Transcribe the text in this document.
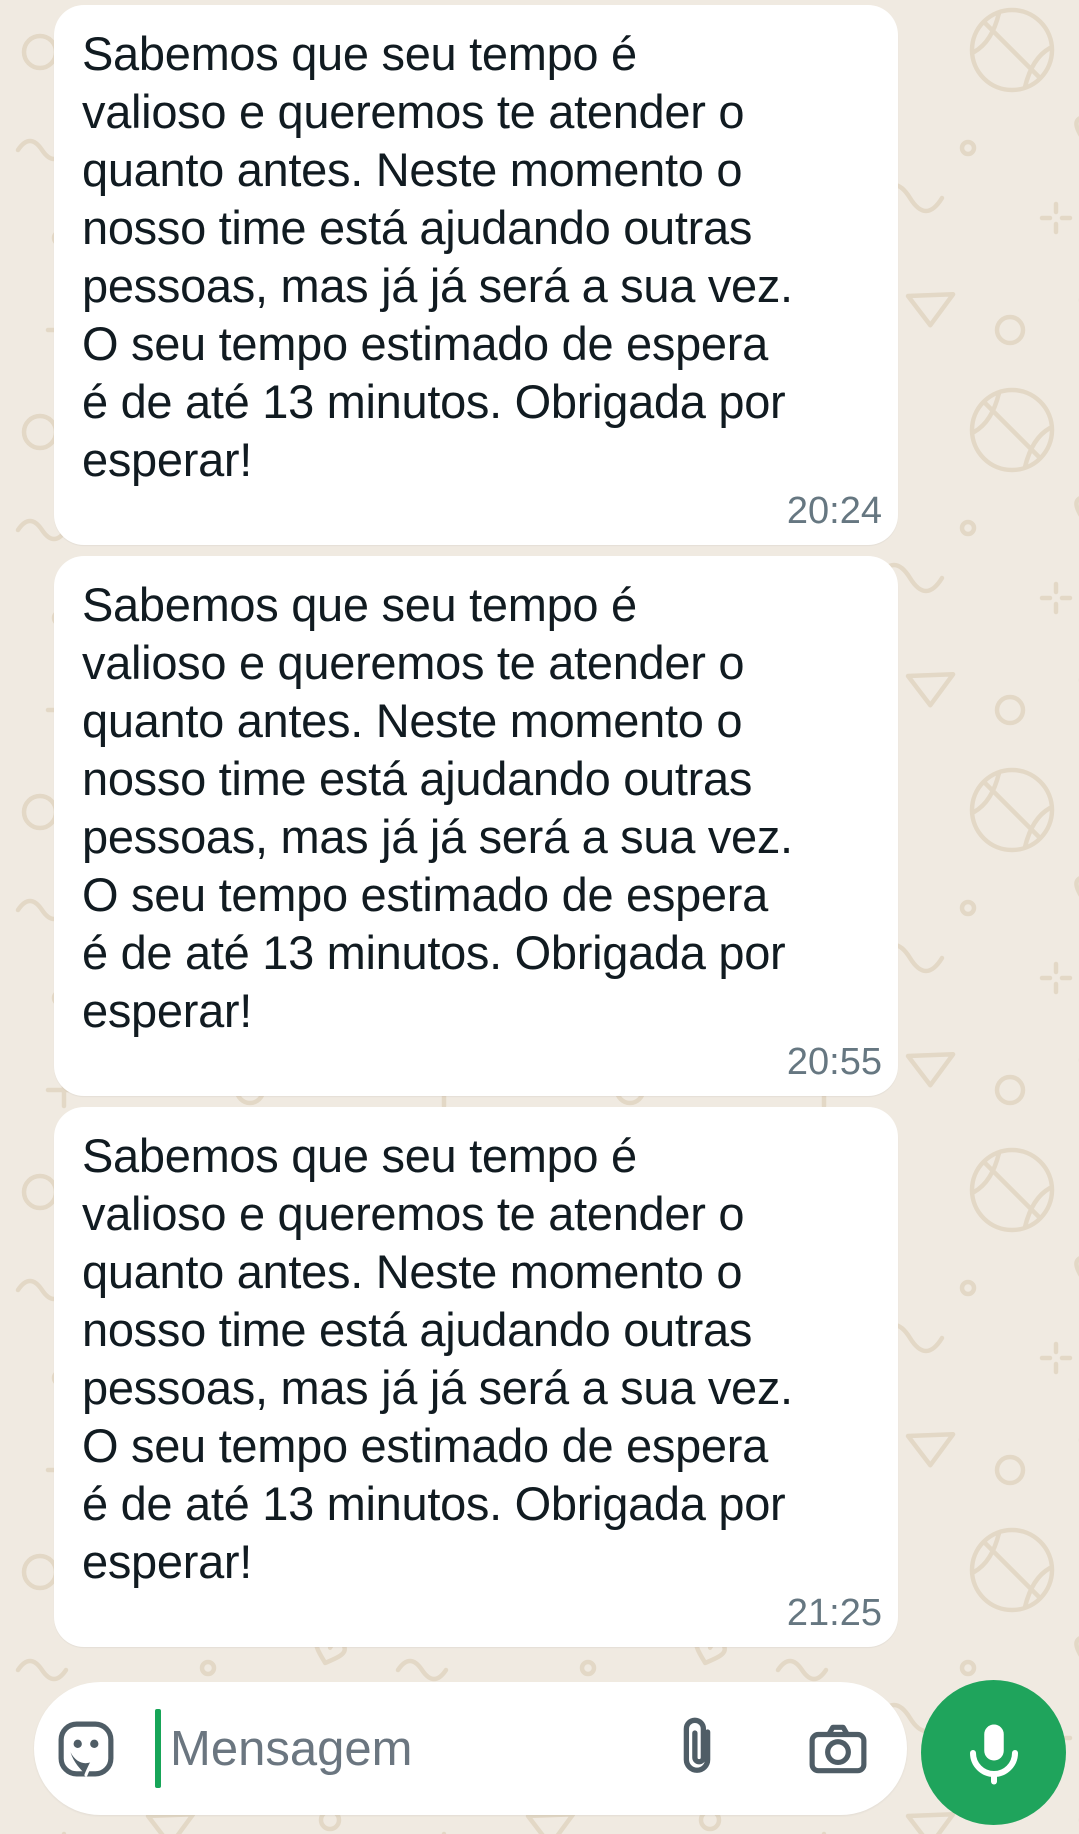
Sabemos que seu tempo é
valioso e queremos te atender o
quanto antes. Neste momento o
nosso time está ajudando outras
pessoas, mas já já será a sua vez.
O seu tempo estimado de espera
é de até 13 minutos. Obrigada por
esperar!
20:24
Sabemos que seu tempo é
valioso e queremos te atender o
quanto antes. Neste momento o
nosso time está ajudando outras
pessoas, mas já já será a sua vez.
O seu tempo estimado de espera
é de até 13 minutos. Obrigada por
esperar!
20:55
Sabemos que seu tempo é
valioso e queremos te atender o
quanto antes. Neste momento o
nosso time está ajudando outras
pessoas, mas já já será a sua vez.
O seu tempo estimado de espera
é de até 13 minutos. Obrigada por
esperar!
21:25
Mensagem
